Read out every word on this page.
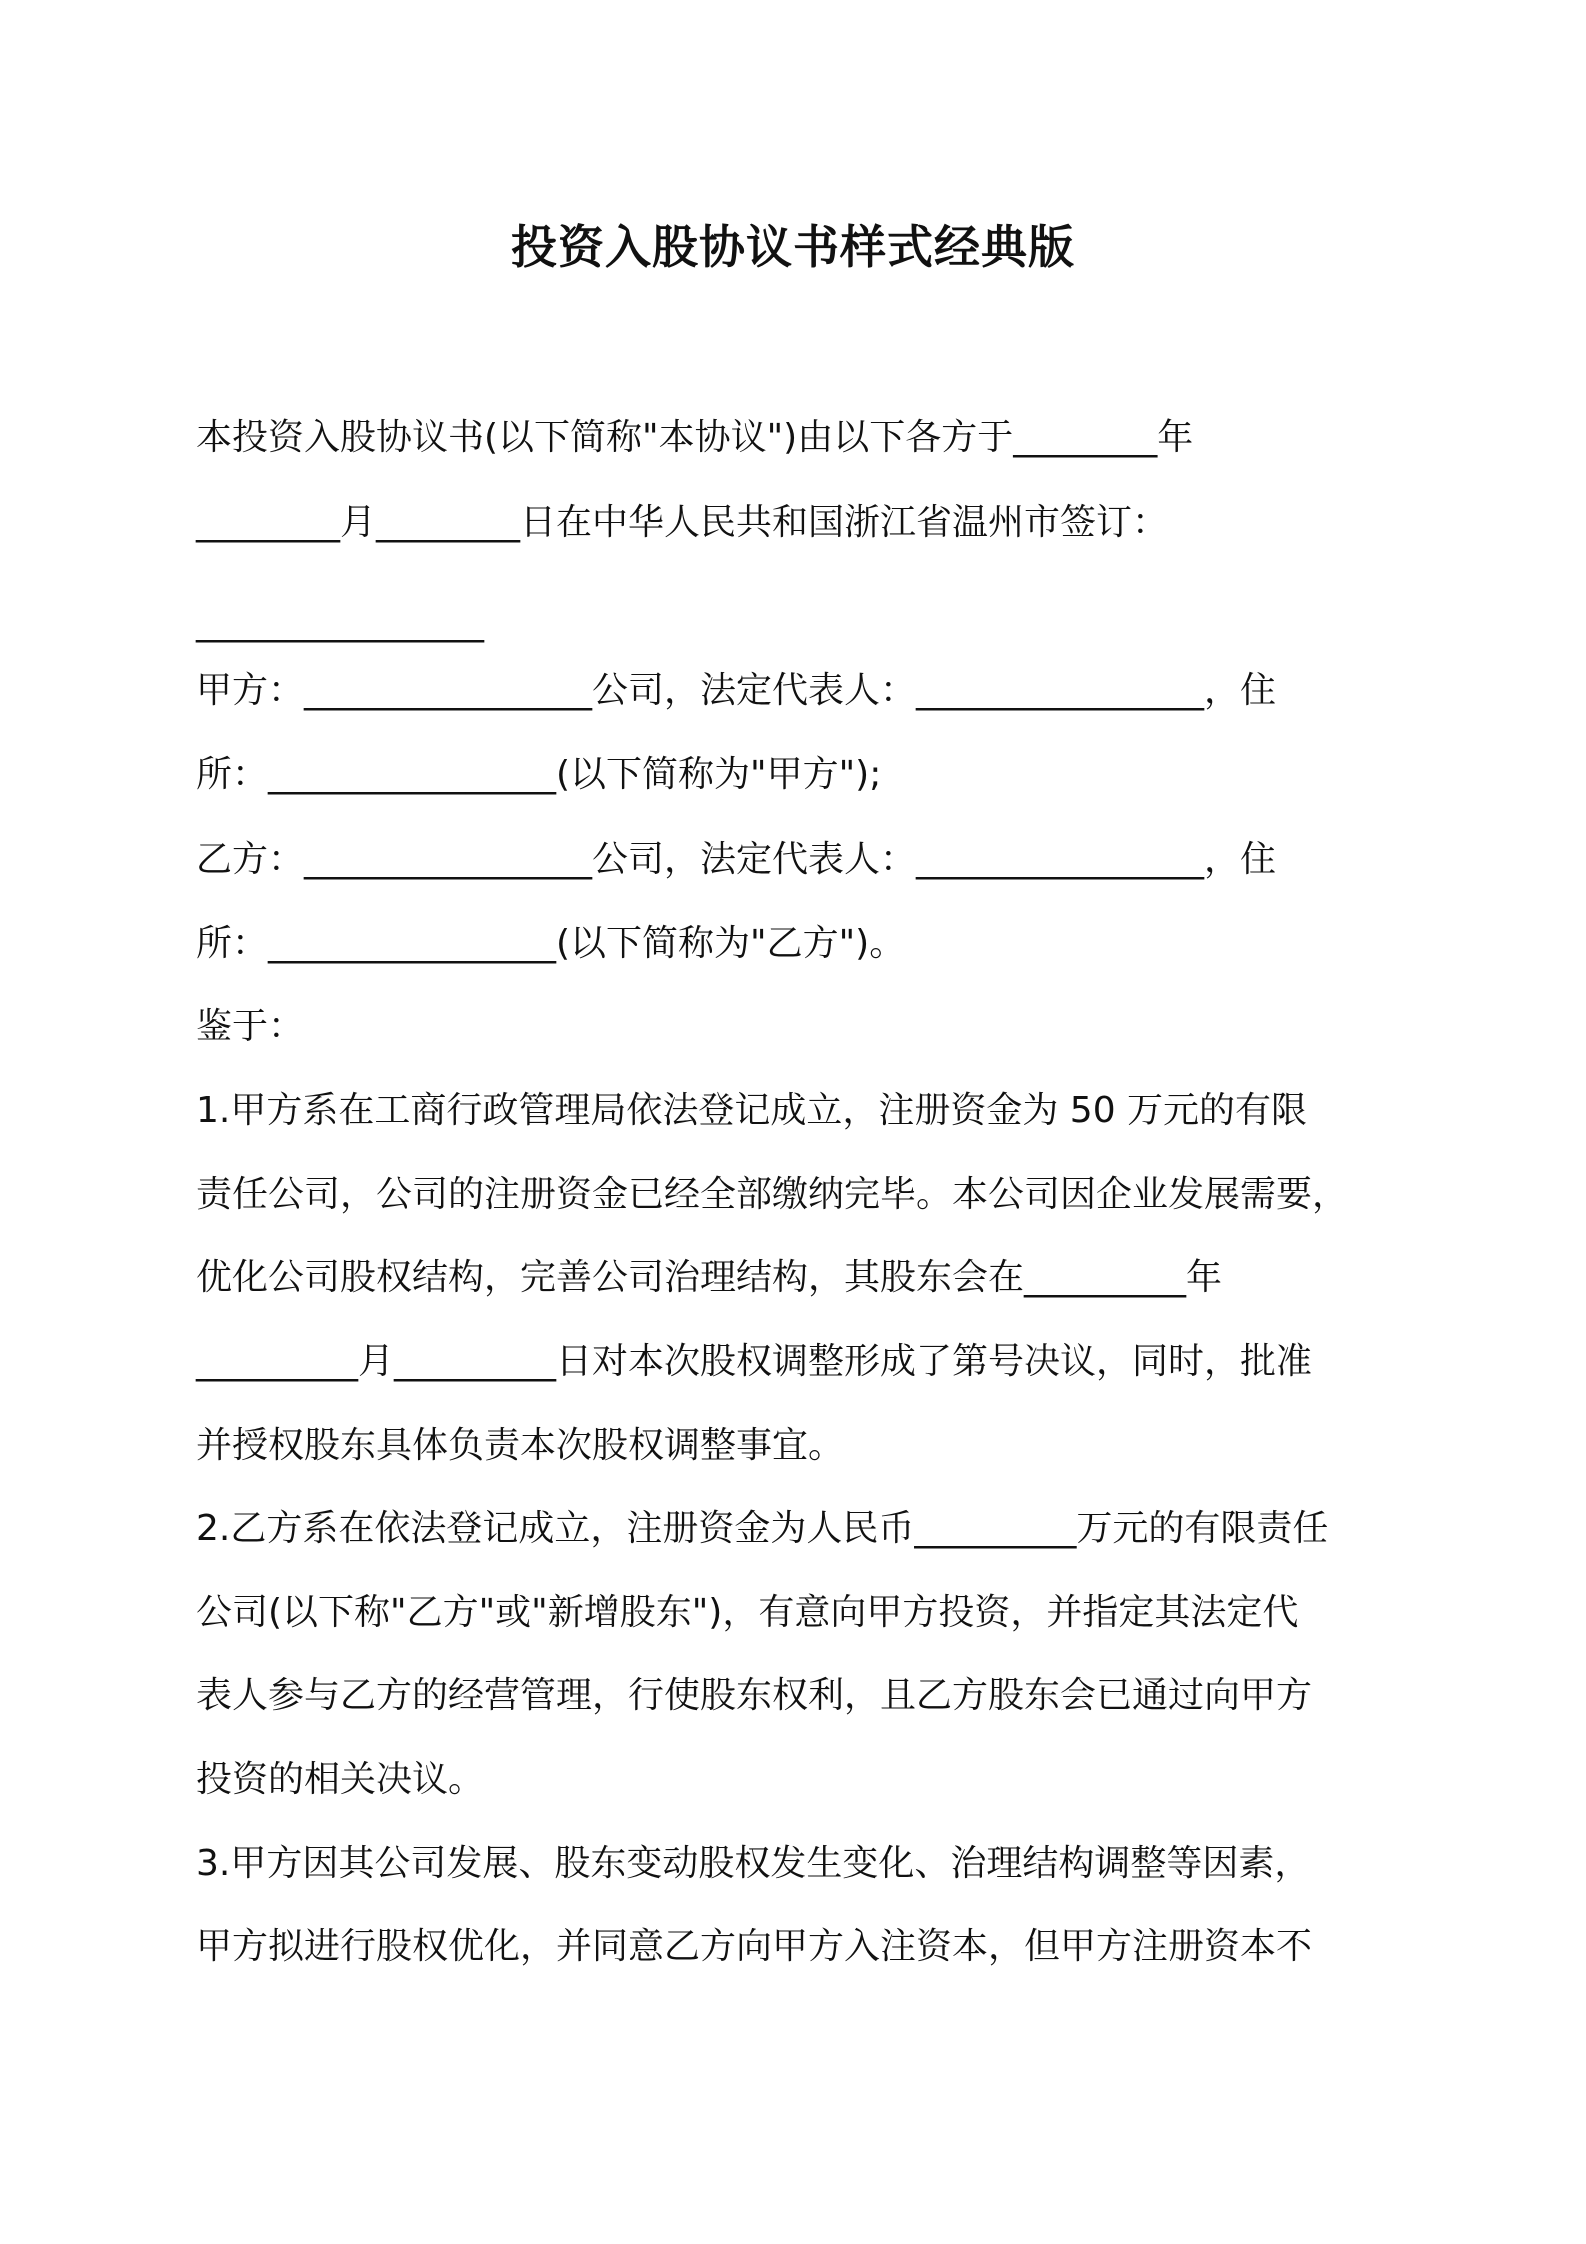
投资入股协议书样式经典版
本投资入股协议书(以下简称"本协议")由以下各方于________年
________月________日在中华人民共和国浙江省温州市签订：
________________
甲方：________________公司，法定代表人：________________，住
所：________________(以下简称为"甲方");
乙方：________________公司，法定代表人：________________，住
所：________________(以下简称为"乙方")。
鉴于：
1.甲方系在工商行政管理局依法登记成立，注册资金为 50 万元的有限
责任公司，公司的注册资金已经全部缴纳完毕。本公司因企业发展需要，
优化公司股权结构，完善公司治理结构，其股东会在_________年
_________月_________日对本次股权调整形成了第号决议，同时，批准
并授权股东具体负责本次股权调整事宜。
2.乙方系在依法登记成立，注册资金为人民币_________万元的有限责任
公司(以下称"乙方"或"新增股东")，有意向甲方投资，并指定其法定代
表人参与乙方的经营管理，行使股东权利，且乙方股东会已通过向甲方
投资的相关决议。
3.甲方因其公司发展、股东变动股权发生变化、治理结构调整等因素，
甲方拟进行股权优化，并同意乙方向甲方入注资本，但甲方注册资本不
